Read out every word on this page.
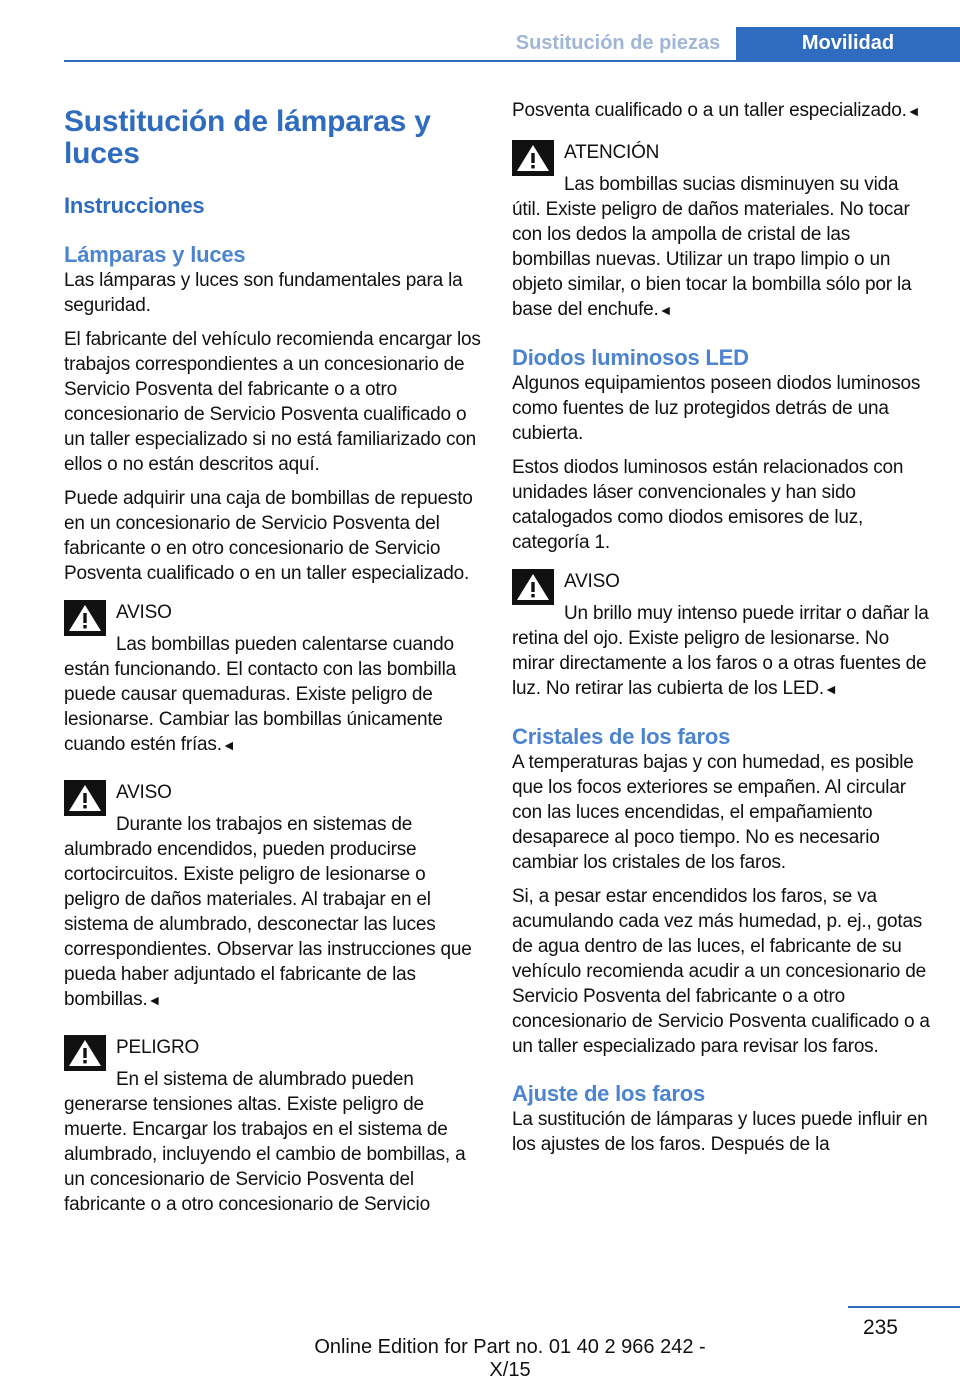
Sustitución de piezas	Movilidad
Sustitución de lámparas y luces
Instrucciones
Lámparas y luces

Las lámparas y luces son fundamentales para la seguridad.

El fabricante del vehículo recomienda encargar los trabajos correspondientes a un concesionario de Servicio Posventa del fabricante o a otro concesionario de Servicio Posventa cualificado o un taller especializado si no está familiarizado con ellos o no están descritos aquí.

Puede adquirir una caja de bombillas de repuesto en un concesionario de Servicio Posventa del fabricante o en otro concesionario de Servicio Posventa cualificado o en un taller especializado.

AVISO

Las bombillas pueden calentarse cuando están funcionando. El contacto con las bombilla puede causar quemaduras. Existe peligro de lesionarse. Cambiar las bombillas únicamente cuando estén frías.◄

AVISO

Durante los trabajos en sistemas de alumbrado encendidos, pueden producirse cortocircuitos. Existe peligro de lesionarse o peligro de daños materiales. Al trabajar en el sistema de alumbrado, desconectar las luces correspondientes. Observar las instrucciones que pueda haber adjuntado el fabricante de las bombillas.◄

PELIGRO

En el sistema de alumbrado pueden generarse tensiones altas. Existe peligro de muerte. Encargar los trabajos en el sistema de alumbrado, incluyendo el cambio de bombillas, a un concesionario de Servicio Posventa del fabricante o a otro concesionario de Servicio

Posventa cualificado o a un taller especializado.◄

ATENCIÓN

Las bombillas sucias disminuyen su vida útil. Existe peligro de daños materiales. No tocar con los dedos la ampolla de cristal de las bombillas nuevas. Utilizar un trapo limpio o un objeto similar, o bien tocar la bombilla sólo por la base del enchufe.◄

Diodos luminosos LED

Algunos equipamientos poseen diodos luminosos como fuentes de luz protegidos detrás de una cubierta.

Estos diodos luminosos están relacionados con unidades láser convencionales y han sido catalogados como diodos emisores de luz, categoría 1.

AVISO

Un brillo muy intenso puede irritar o dañar la retina del ojo. Existe peligro de lesionarse. No mirar directamente a los faros o a otras fuentes de luz. No retirar las cubierta de los LED.◄

Cristales de los faros

A temperaturas bajas y con humedad, es posible que los focos exteriores se empañen. Al circular con las luces encendidas, el empañamiento desaparece al poco tiempo. No es necesario cambiar los cristales de los faros.

Si, a pesar estar encendidos los faros, se va acumulando cada vez más humedad, p. ej., gotas de agua dentro de las luces, el fabricante de su vehículo recomienda acudir a un concesionario de Servicio Posventa del fabricante o a otro concesionario de Servicio Posventa cualificado o a un taller especializado para revisar los faros.

Ajuste de los faros

La sustitución de lámparas y luces puede influir en los ajustes de los faros. Después de la

235
Online Edition for Part no. 01 40 2 966 242 - X/15
